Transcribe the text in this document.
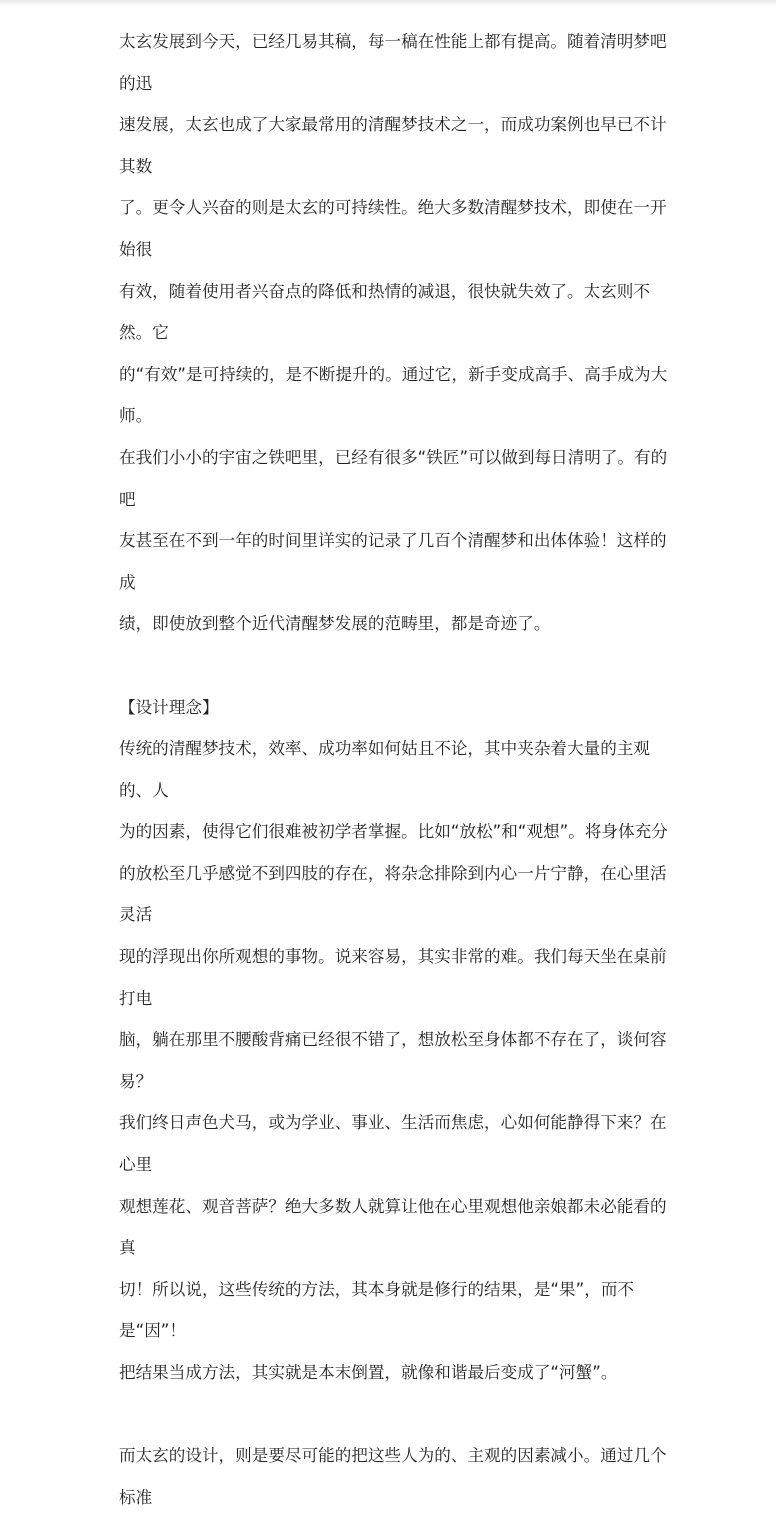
太玄发展到今天，已经几易其稿，每一稿在性能上都有提高。随着清明梦吧的迅
速发展，太玄也成了大家最常用的清醒梦技术之一，而成功案例也早已不计其数
了。更令人兴奋的则是太玄的可持续性。绝大多数清醒梦技术，即使在一开始很
有效，随着使用者兴奋点的降低和热情的减退，很快就失效了。太玄则不然。它
的“有效”是可持续的，是不断提升的。通过它，新手变成高手、高手成为大师。
在我们小小的宇宙之铁吧里，已经有很多“铁匠”可以做到每日清明了。有的吧
友甚至在不到一年的时间里详实的记录了几百个清醒梦和出体体验！这样的成
绩，即使放到整个近代清醒梦发展的范畴里，都是奇迹了。

【设计理念】

传统的清醒梦技术，效率、成功率如何姑且不论，其中夹杂着大量的主观的、人
为的因素，使得它们很难被初学者掌握。比如“放松”和“观想”。将身体充分
的放松至几乎感觉不到四肢的存在，将杂念排除到内心一片宁静，在心里活灵活
现的浮现出你所观想的事物。说来容易，其实非常的难。我们每天坐在桌前打电
脑，躺在那里不腰酸背痛已经很不错了，想放松至身体都不存在了，谈何容易？
我们终日声色犬马，或为学业、事业、生活而焦虑，心如何能静得下来？在心里
观想莲花、观音菩萨？绝大多数人就算让他在心里观想他亲娘都未必能看的真
切！所以说，这些传统的方法，其本身就是修行的结果，是“果”，而不是“因”！
把结果当成方法，其实就是本末倒置，就像和谐最后变成了“河蟹”。

而太玄的设计，则是要尽可能的把这些人为的、主观的因素减小。通过几个标准
